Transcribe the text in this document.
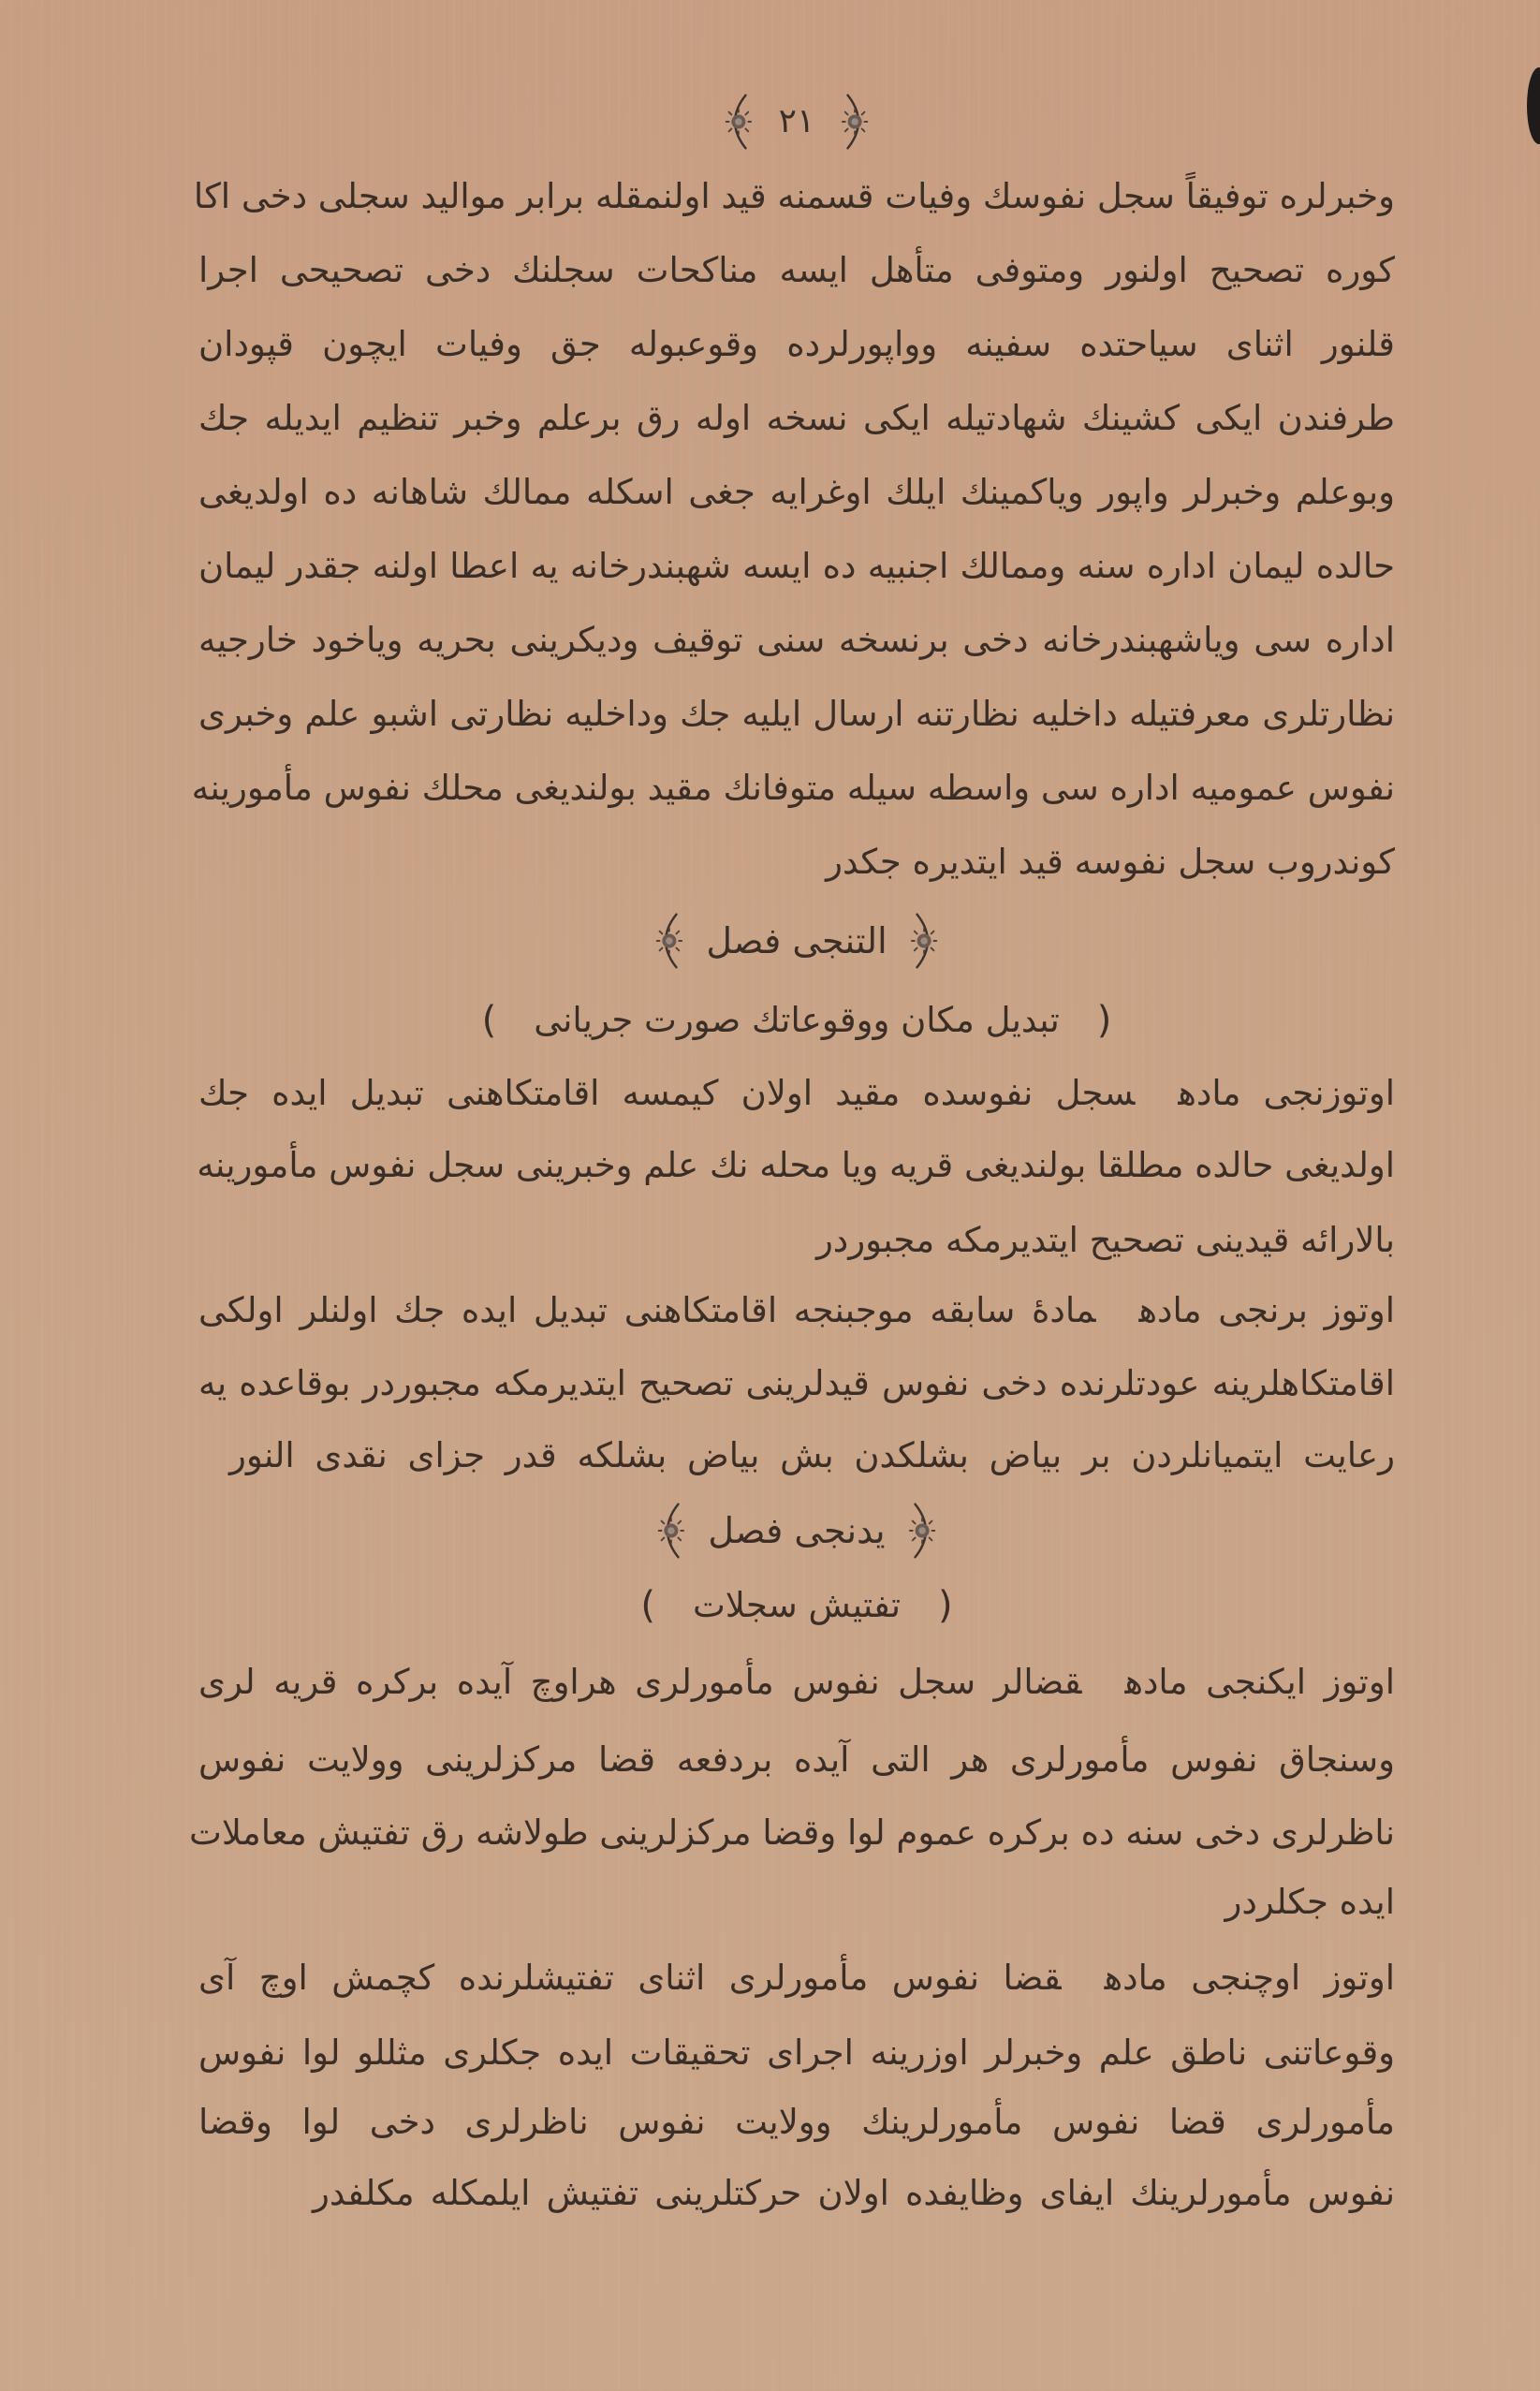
٢١
وخبرلره توفيقاً سجل نفوسك وفيات قسمنه قيد اولنمقله برابر مواليد سجلى دخى اكا
كوره تصحيح اولنور ومتوفى متأهل ايسه مناكحات سجلنك دخى تصحيحى اجرا
قلنور اثناى سياحتده سفينه وواپورلرده وقوعبوله جق وفيات ايچون قپودان
طرفندن ايكى كشينك شهادتيله ايكى نسخه اوله رق برعلم وخبر تنظيم ايديله جك
وبوعلم وخبرلر واپور وياكمينك ايلك اوغرايه جغى اسكله ممالك شاهانه ده اولديغى
حالده ليمان اداره سنه وممالك اجنبيه ده ايسه شهبندرخانه يه اعطا اولنه جقدر ليمان
اداره سى وياشهبندرخانه دخى برنسخه سنى توقيف وديكرينى بحريه وياخود خارجيه
نظارتلرى معرفتيله داخليه نظارتنه ارسال ايليه جك وداخليه نظارتى اشبو علم وخبرى
نفوس عموميه اداره سى واسطه سيله متوفانك مقيد بولنديغى محلك نفوس مأمورينه
كوندروب سجل نفوسه قيد ايتديره جكدر
التنجى فصل
(
تبديل مكان ووقوعاتك صورت جريانى
)
اوتوزنجى مادهسجل نفوسده مقيد اولان كيمسه اقامتكاهنى تبديل ايده جك
اولديغى حالده مطلقا بولنديغى قريه ويا محله نك علم وخبرينى سجل نفوس مأمورينه
بالارائه قيدينى تصحيح ايتديرمكه مجبوردر
اوتوز برنجى مادهمادۀ سابقه موجبنجه اقامتكاهنى تبديل ايده جك اولنلر اولكى
اقامتكاهلرينه عودتلرنده دخى نفوس قيدلرينى تصحيح ايتديرمكه مجبوردر بوقاعده يه
رعايت ايتميانلردن بر بياض بشلكدن بش بياض بشلكه قدر جزاى نقدى النور
يدنجى فصل
(
تفتيش سجلات
)
اوتوز ايكنجى مادهقضالر سجل نفوس مأمورلرى هراوچ آيده بركره قريه لرى
وسنجاق نفوس مأمورلرى هر التى آيده بردفعه قضا مركزلرينى وولايت نفوس
ناظرلرى دخى سنه ده بركره عموم لوا وقضا مركزلرينى طولاشه رق تفتيش معاملات
ايده جكلردر
اوتوز اوچنجى مادهقضا نفوس مأمورلرى اثناى تفتيشلرنده كچمش اوچ آى
وقوعاتنى ناطق علم وخبرلر اوزرينه اجراى تحقيقات ايده جكلرى مثللو لوا نفوس
مأمورلرى قضا نفوس مأمورلرينك وولايت نفوس ناظرلرى دخى لوا وقضا
نفوس مأمورلرينك ايفاى وظايفده اولان حركتلرينى تفتيش ايلمكله مكلفدر
